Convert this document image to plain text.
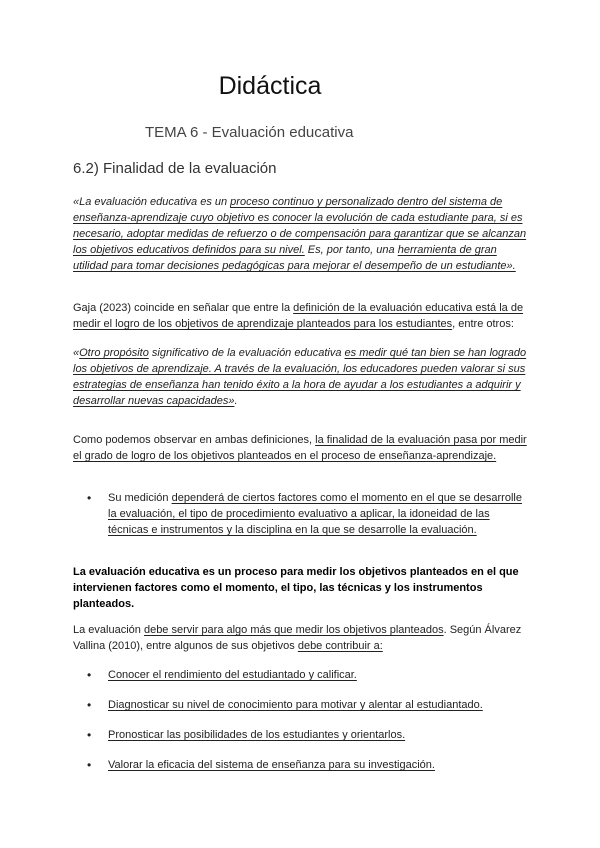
Didáctica
TEMA 6 - Evaluación educativa
6.2) Finalidad de la evaluación
«La evaluación educativa es un proceso continuo y personalizado dentro del sistema de enseñanza-aprendizaje cuyo objetivo es conocer la evolución de cada estudiante para, si es necesario, adoptar medidas de refuerzo o de compensación para garantizar que se alcanzan los objetivos educativos definidos para su nivel. Es, por tanto, una herramienta de gran utilidad para tomar decisiones pedagógicas para mejorar el desempeño de un estudiante».
Gaja (2023) coincide en señalar que entre la definición de la evaluación educativa está la de medir el logro de los objetivos de aprendizaje planteados para los estudiantes, entre otros:
«Otro propósito significativo de la evaluación educativa es medir qué tan bien se han logrado los objetivos de aprendizaje. A través de la evaluación, los educadores pueden valorar si sus estrategias de enseñanza han tenido éxito a la hora de ayudar a los estudiantes a adquirir y desarrollar nuevas capacidades».
Como podemos observar en ambas definiciones, la finalidad de la evaluación pasa por medir el grado de logro de los objetivos planteados en el proceso de enseñanza-aprendizaje.
• Su medición dependerá de ciertos factores como el momento en el que se desarrolle la evaluación, el tipo de procedimiento evaluativo a aplicar, la idoneidad de las técnicas e instrumentos y la disciplina en la que se desarrolle la evaluación.
La evaluación educativa es un proceso para medir los objetivos planteados en el que intervienen factores como el momento, el tipo, las técnicas y los instrumentos planteados.
La evaluación debe servir para algo más que medir los objetivos planteados. Según Álvarez Vallina (2010), entre algunos de sus objetivos debe contribuir a:
• Conocer el rendimiento del estudiantado y calificar.
• Diagnosticar su nivel de conocimiento para motivar y alentar al estudiantado.
• Pronosticar las posibilidades de los estudiantes y orientarlos.
• Valorar la eficacia del sistema de enseñanza para su investigación.
